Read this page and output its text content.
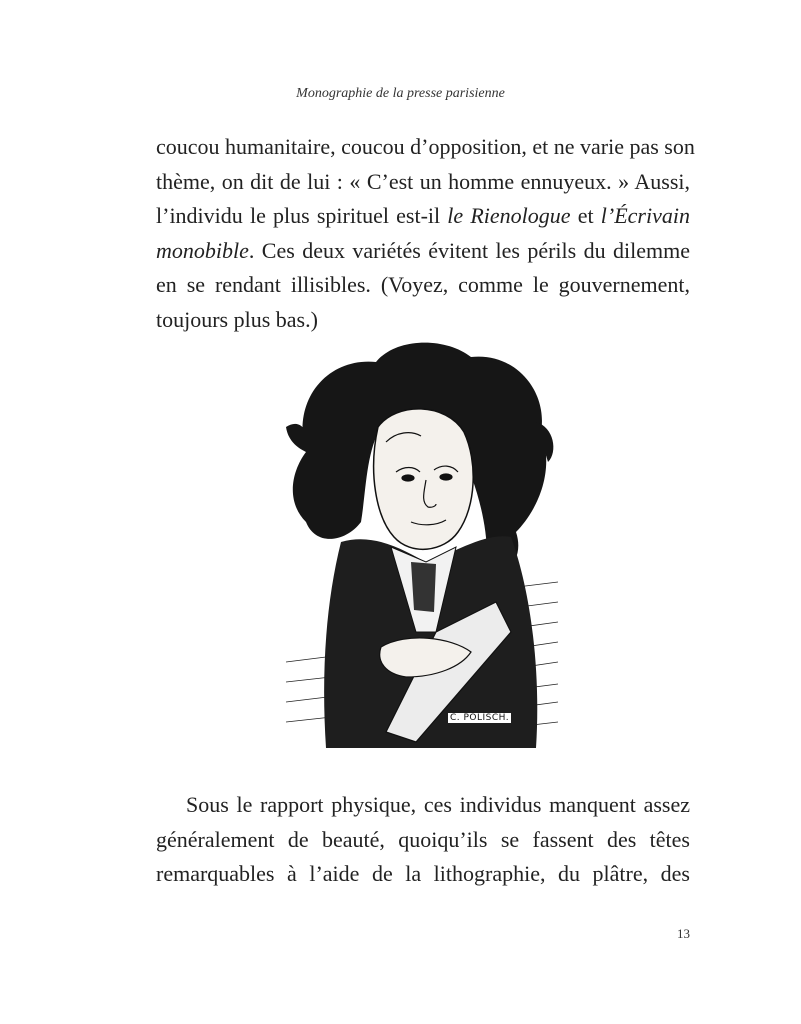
Monographie de la presse parisienne
coucou humanitaire, coucou d’opposition, et ne varie pas son
thème, on dit de lui : « C’est un homme ennuyeux. » Aussi,
l’individu le plus spirituel est-il le Rienologue et l’Écrivain
monobible. Ces deux variétés évitent les périls du dilemme
en se rendant illisibles. (Voyez, comme le gouvernement,
toujours plus bas.)
C. POLISCH.
Sous le rapport physique, ces individus manquent assez
généralement de beauté, quoiqu’ils se fassent des têtes
remarquables à l’aide de la lithographie, du plâtre, des
13
